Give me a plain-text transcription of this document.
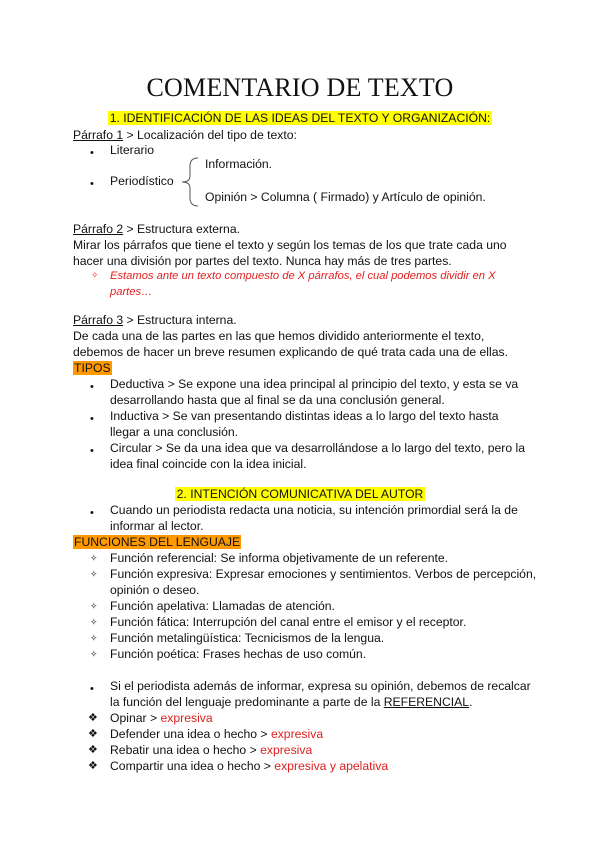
COMENTARIO DE TEXTO
1. IDENTIFICACIÓN DE LAS IDEAS DEL TEXTO Y ORGANIZACIÓN:
Párrafo 1 > Localización del tipo de texto:
•
Literario
•
Periodístico
Información.
Opinión > Columna ( Firmado) y Artículo de opinión.
Párrafo 2 > Estructura externa.
Mirar los párrafos que tiene el texto y según los temas de los que trate cada uno
hacer una división por partes del texto. Nunca hay más de tres partes.
✧ Estamos ante un texto compuesto de X párrafos, el cual podemos dividir en X
partes…
Párrafo 3 > Estructura interna.
De cada una de las partes en las que hemos dividido anteriormente el texto,
debemos de hacer un breve resumen explicando de qué trata cada una de ellas.
TIPOS
•
Deductiva > Se expone una idea principal al principio del texto, y esta se va
desarrollando hasta que al final se da una conclusión general.
•
Inductiva > Se van presentando distintas ideas a lo largo del texto hasta
llegar a una conclusión.
•
Circular > Se da una idea que va desarrollándose a lo largo del texto, pero la
idea final coincide con la idea inicial.
2. INTENCIÓN COMUNICATIVA DEL AUTOR
•
Cuando un periodista redacta una noticia, su intención primordial será la de
informar al lector.
FUNCIONES DEL LENGUAJE
✧ Función referencial: Se informa objetivamente de un referente.
✧ Función expresiva: Expresar emociones y sentimientos. Verbos de percepción,
opinión o deseo.
✧ Función apelativa: Llamadas de atención.
✧ Función fática: Interrupción del canal entre el emisor y el receptor.
✧ Función metalingüística: Tecnicismos de la lengua.
✧ Función poética: Frases hechas de uso común.
•
Si el periodista además de informar, expresa su opinión, debemos de recalcar
la función del lenguaje predominante a parte de la REFERENCIAL.
❖ Opinar > expresiva
❖ Defender una idea o hecho > expresiva
❖ Rebatir una idea o hecho > expresiva
❖ Compartir una idea o hecho > expresiva y apelativa
